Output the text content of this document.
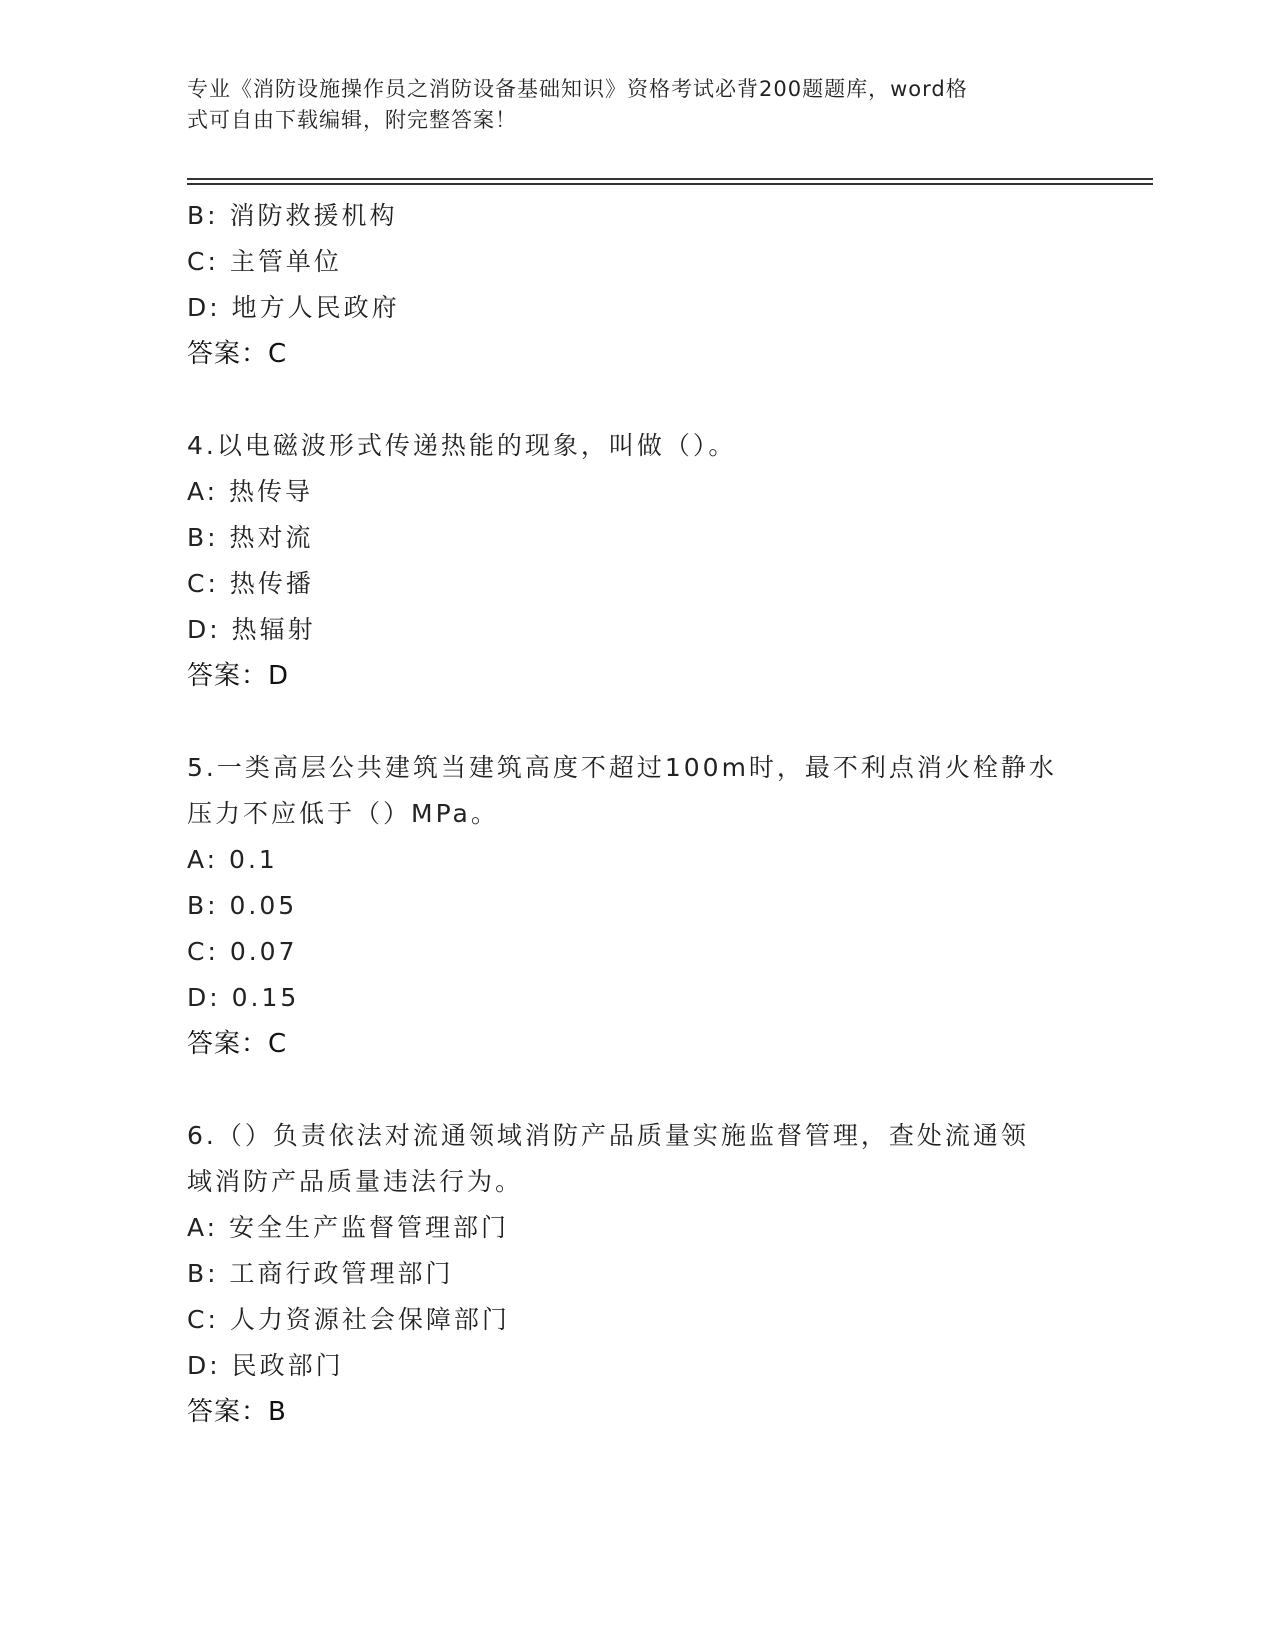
专业《消防设施操作员之消防设备基础知识》资格考试必背200题题库，word格
式可自由下载编辑，附完整答案！
B: 消防救援机构
C: 主管单位
D: 地方人民政府
答案：C
4.以电磁波形式传递热能的现象，叫做（）。
A: 热传导
B: 热对流
C: 热传播
D: 热辐射
答案：D
5.一类高层公共建筑当建筑高度不超过100m时，最不利点消火栓静水
压力不应低于（）MPa。
A: 0.1
B: 0.05
C: 0.07
D: 0.15
答案：C
6.（）负责依法对流通领域消防产品质量实施监督管理，查处流通领
域消防产品质量违法行为。
A: 安全生产监督管理部门
B: 工商行政管理部门
C: 人力资源社会保障部门
D: 民政部门
答案：B
